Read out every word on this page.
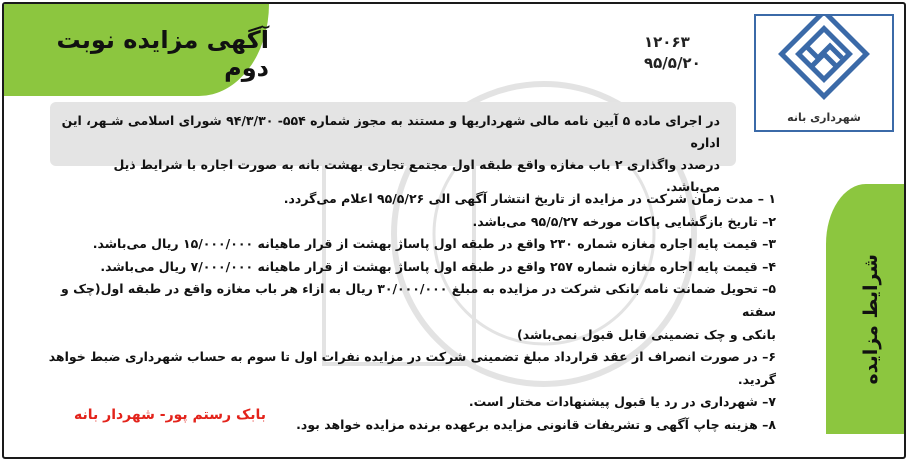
آگهی مزایده نوبت دوم
۱۲۰۶۳
۹۵/۵/۲۰
شهرداری بانه
شرایط مزایده
در اجرای ماده ۵ آیین نامه مالی شهرداریها و مستند به مجوز شماره ۵۵۴- ۹۴/۳/۳۰ شورای اسلامی شـهر، این اداره
درصدد واگذاری ۲ باب مغازه واقع طبقه اول مجتمع تجاری بهشت بانه به صورت اجاره با شرایط ذیل می‌باشد.
۱ – مدت زمان شرکت در مزایده از تاریخ انتشار آگهی الی ۹۵/۵/۲۶ اعلام می‌گردد.
۲– تاریخ بازگشایی پاکات مورخه ۹۵/۵/۲۷ می‌باشد.
۳– قیمت پایه اجاره مغازه شماره ۲۳۰ واقع در طبقه اول پاساژ بهشت از قرار ماهیانه ۱۵/۰۰۰/۰۰۰ ریال می‌باشد.
۴– قیمت پایه اجاره مغازه شماره ۲۵۷ واقع در طبقه اول پاساژ بهشت از قرار ماهیانه ۷/۰۰۰/۰۰۰ ریال می‌باشد.
۵– تحویل ضمانت نامه بانکی شرکت در مزایده به مبلغ ۳۰/۰۰۰/۰۰۰ ریال به ازاء هر باب مغازه واقع در طبقه اول(چک و سفته
بانکی و چک تضمینی قابل قبول نمی‌باشد)
۶– در صورت انصراف از عقد قرارداد مبلغ تضمینی شرکت در مزایده نفرات اول تا سوم به حساب شهرداری ضبط خواهد گردید.
۷– شهرداری در رد یا قبول پیشنهادات مختار است.
۸– هزینه چاپ آگهی و تشریفات قانونی مزایده برعهده برنده مزایده خواهد بود.
بابک رستم پور- شهردار بانه
